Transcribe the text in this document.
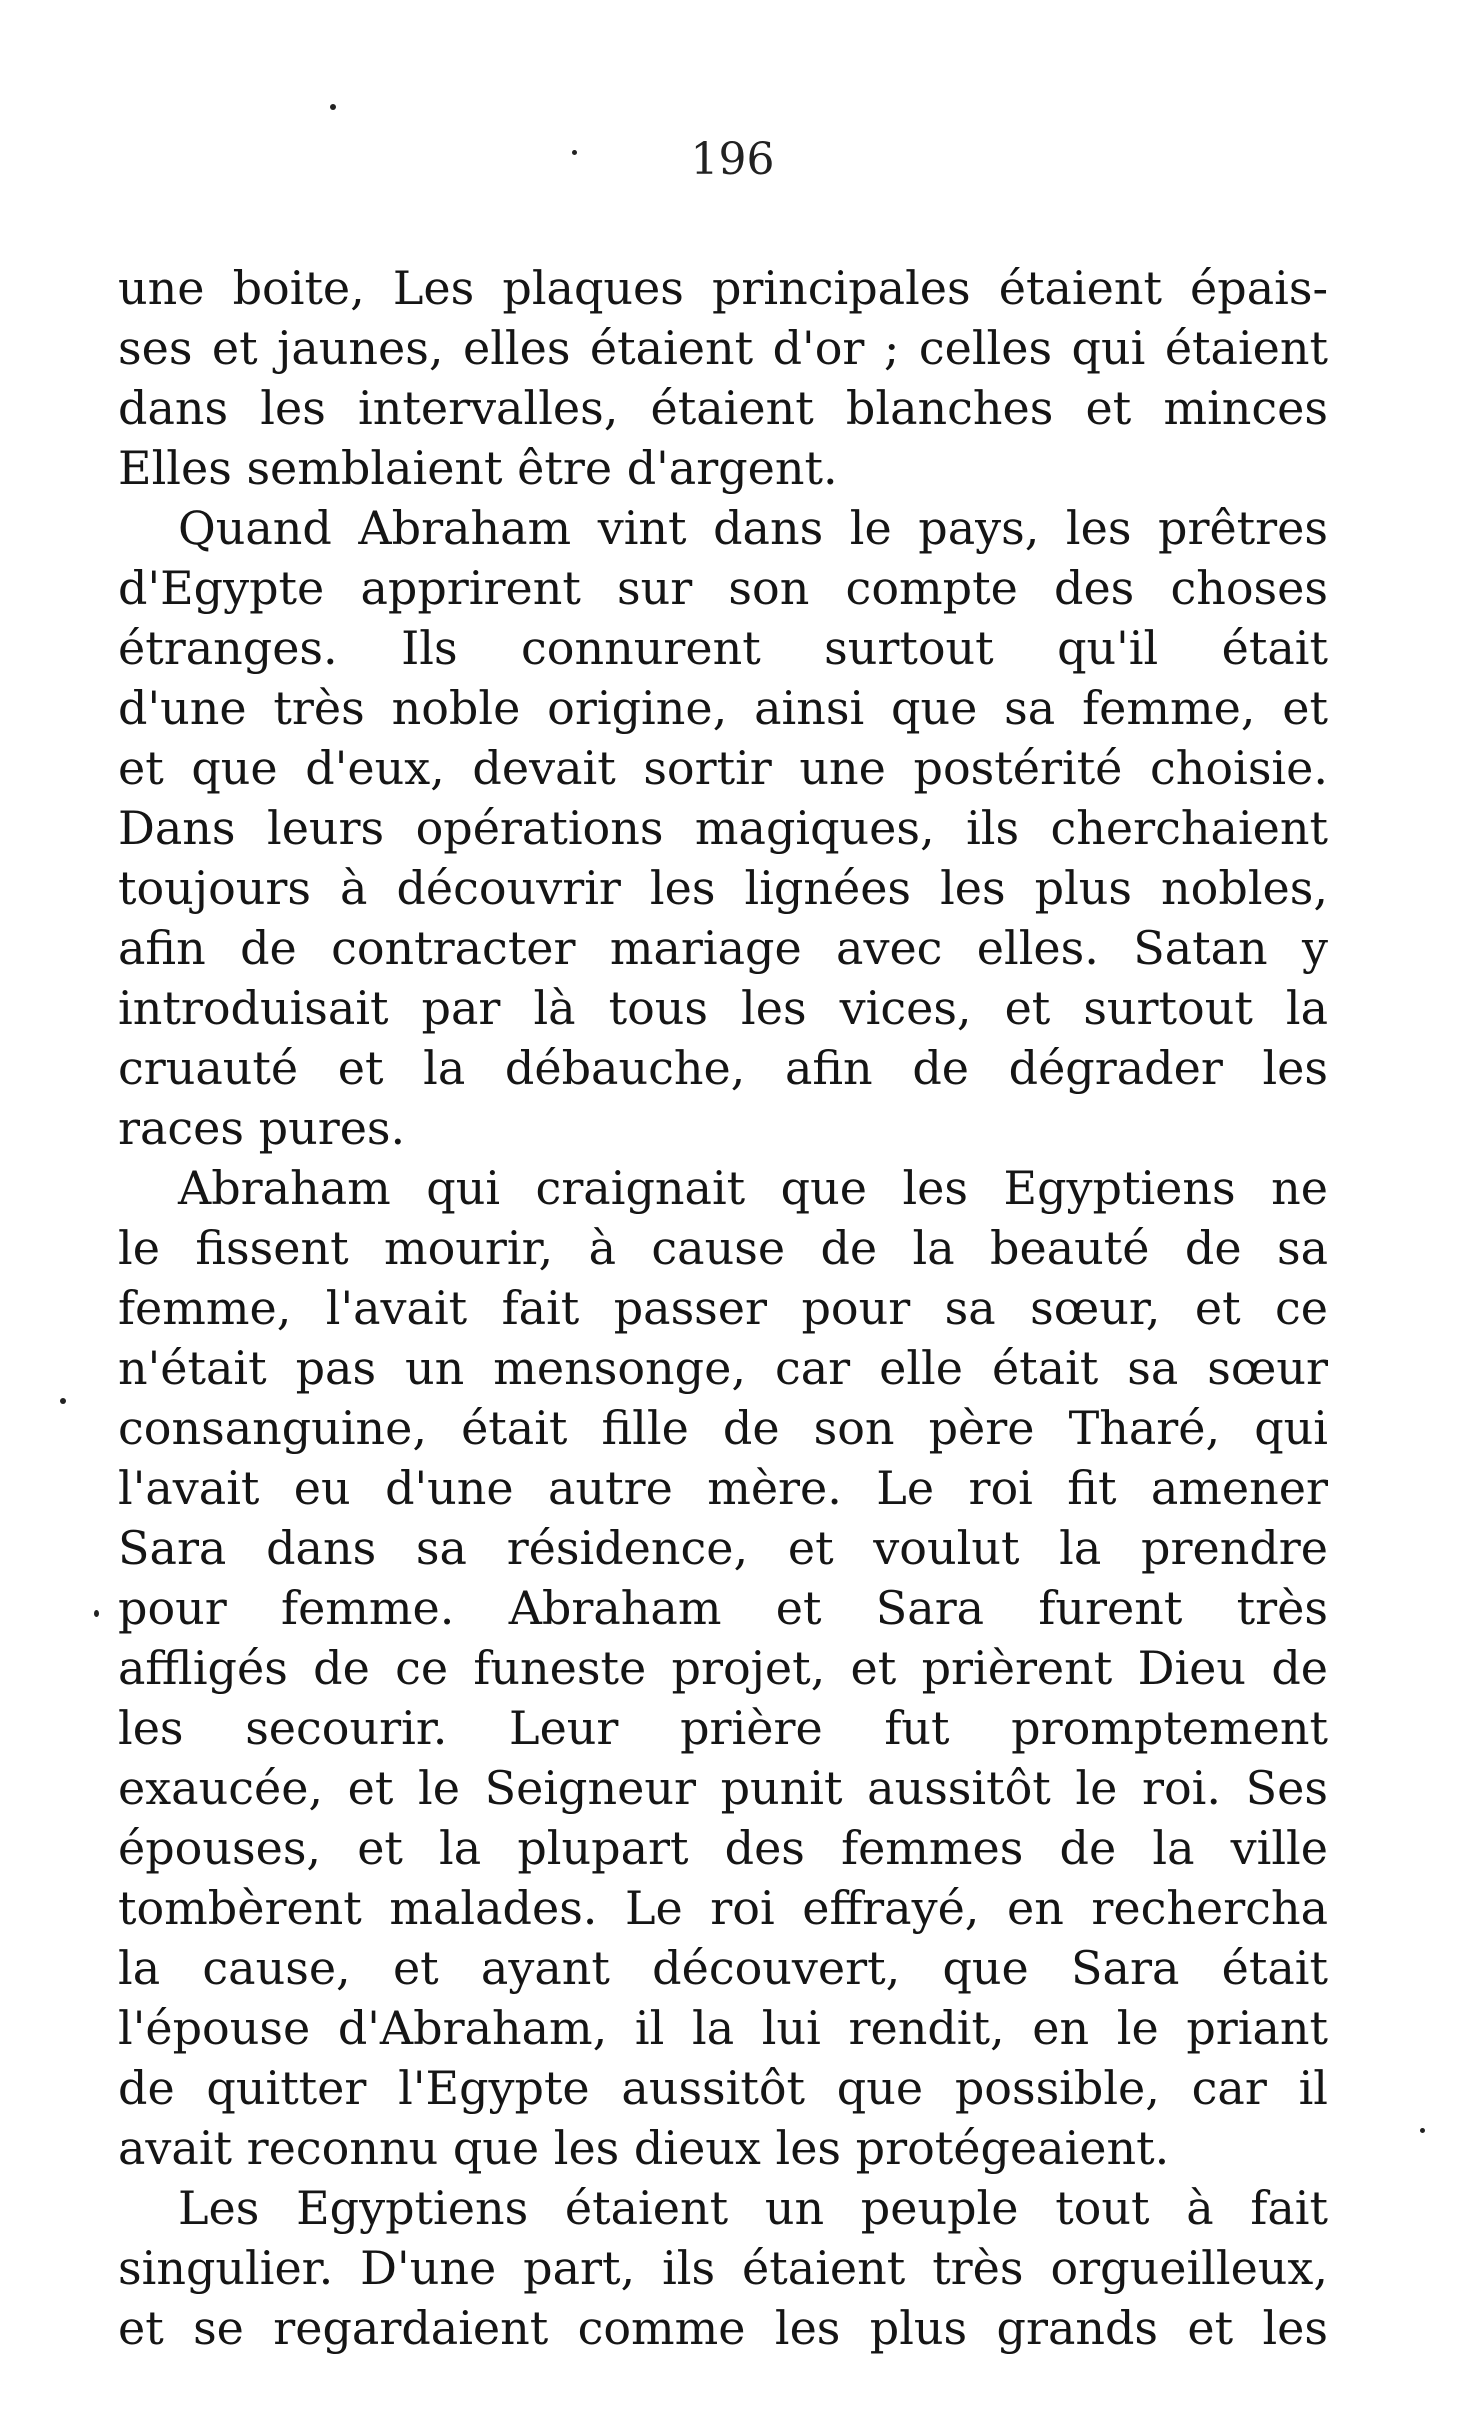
196
une boite, Les plaques principales étaient épais-
ses et jaunes, elles étaient d'or ; celles qui étaient
dans les intervalles, étaient blanches et minces
Elles semblaient être d'argent.
Quand Abraham vint dans le pays, les prêtres
d'Egypte apprirent sur son compte des choses
étranges. Ils connurent surtout qu'il était
d'une très noble origine, ainsi que sa femme, et
et que d'eux, devait sortir une postérité choisie.
Dans leurs opérations magiques, ils cherchaient
toujours à découvrir les lignées les plus nobles,
afin de contracter mariage avec elles. Satan y
introduisait par là tous les vices, et surtout la
cruauté et la débauche, afin de dégrader les
races pures.
Abraham qui craignait que les Egyptiens ne
le fissent mourir, à cause de la beauté de sa
femme, l'avait fait passer pour sa sœur, et ce
n'était pas un mensonge, car elle était sa sœur
consanguine, était fille de son père Tharé, qui
l'avait eu d'une autre mère. Le roi fit amener
Sara dans sa résidence, et voulut la prendre
pour femme. Abraham et Sara furent très
affligés de ce funeste projet, et prièrent Dieu de
les secourir. Leur prière fut promptement
exaucée, et le Seigneur punit aussitôt le roi. Ses
épouses, et la plupart des femmes de la ville
tombèrent malades. Le roi effrayé, en rechercha
la cause, et ayant découvert, que Sara était
l'épouse d'Abraham, il la lui rendit, en le priant
de quitter l'Egypte aussitôt que possible, car il
avait reconnu que les dieux les protégeaient.
Les Egyptiens étaient un peuple tout à fait
singulier. D'une part, ils étaient très orgueilleux,
et se regardaient comme les plus grands et les
